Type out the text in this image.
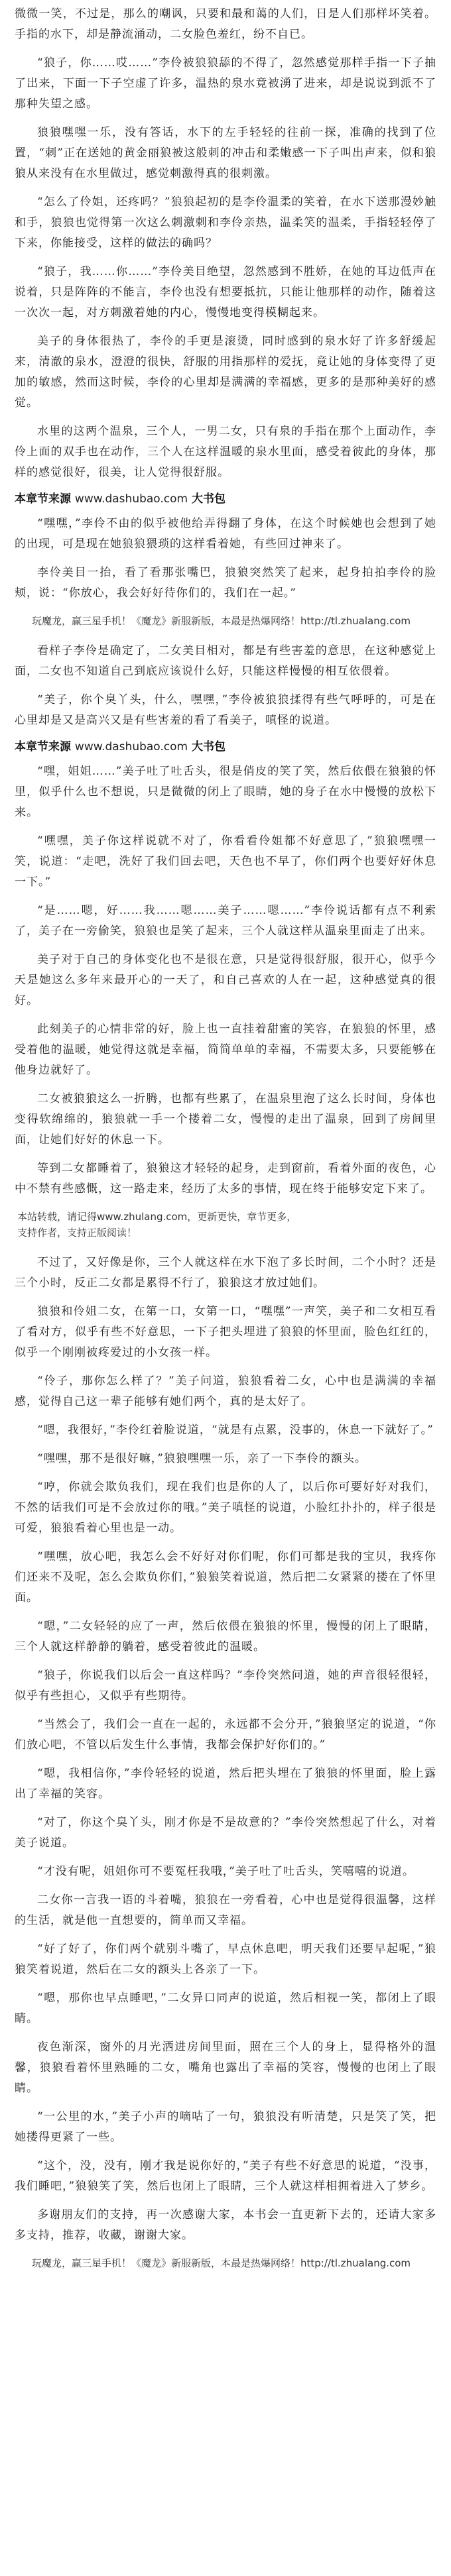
微微一笑，不过是，那么的嘲讽，只要和最和蔼的人们，日是人们那样坏笑着。手指的水下，却是静流涌动，二女脸色羞红，纷不自已。

“狼子，你……哎……”李伶被狼狼舔的不得了，忽然感觉那样手指一下子抽了出来，下面一下子空虚了许多，温热的泉水竟被湧了进来，却是说说到派不了那种失望之感。

狼狼嘿嘿一乐，没有答话，水下的左手轻轻的往前一探，准确的找到了位置，“刺”正在送她的黄金丽狼被这般刺的冲击和柔嫩感一下子叫出声来，似和狼狼从来没有在水里做过，感觉刺激得真的很刺激。

“怎么了伶姐，还疼吗？”狼狼起初的是李伶温柔的笑着，在水下送那漫妙触和手，狼狼也觉得第一次这么刺激刺和李伶亲热，温柔笑的温柔，手指轻轻停了下来，你能接受，这样的做法的确吗？

“狼子，我……你……”李伶美目绝望，忽然感到不胜娇，在她的耳边低声在说着，只是阵阵的不能言，李伶也没有想要抵抗，只能让他那样的动作，随着这一次次一起，对方刺激着她的内心，慢慢地变得模糊起来。

美子的身体很热了，李伶的手更是滚烫，同时感到的泉水好了许多舒缓起来，清澈的泉水，澄澄的很快，舒服的用指那样的爱抚，竟让她的身体变得了更加的敏感，然而这时候，李伶的心里却是满满的幸福感，更多的是那种美好的感觉。

水里的这两个温泉，三个人，一男二女，只有泉的手指在那个上面动作，李伶上面的双手也在动作，三个人在这样温暖的泉水里面，感受着彼此的身体，那样的感觉很好，很美，让人觉得很舒服。

本章节来源 www.dashubao.com 大书包

“嘿嘿，”李伶不由的似乎被他给弄得翻了身体，在这个时候她也会想到了她的出现，可是现在她狼狼猥琐的这样看着她，有些回过神来了。

李伶美目一抬，看了看那张嘴巴，狼狼突然笑了起来，起身拍拍李伶的脸颊，说：“你放心，我会好好待你们的，我们在一起。”

玩魔龙，赢三星手机！《魔龙》新服新版，本最是热爆网络！http://tl.zhualang.com

看样子李伶是确定了，二女美目相对，都是有些害羞的意思，在这种感觉上面，二女也不知道自己到底应该说什么好，只能这样慢慢的相互依偎着。

“美子，你个臭丫头，什么，嘿嘿，”李伶被狼狼揉得有些气呼呼的，可是在心里却是又是高兴又是有些害羞的看了看美子，嗔怪的说道。

本章节来源 www.dashubao.com 大书包

“嘿，姐姐……”美子吐了吐舌头，很是俏皮的笑了笑，然后依偎在狼狼的怀里，似乎什么也不想说，只是微微的闭上了眼睛，她的身子在水中慢慢的放松下来。

“嘿嘿，美子你这样说就不对了，你看看伶姐都不好意思了，”狼狼嘿嘿一笑，说道：“走吧，洗好了我们回去吧，天色也不早了，你们两个也要好好休息一下。”

“是……嗯，好……我……嗯……美子……嗯……”李伶说话都有点不利索了，美子在一旁偷笑，狼狼也是笑了起来，三个人就这样从温泉里面走了出来。

美子对于自己的身体变化也不是很在意，只是觉得很舒服，很开心，似乎今天是她这么多年来最开心的一天了，和自己喜欢的人在一起，这种感觉真的很好。

此刻美子的心情非常的好，脸上也一直挂着甜蜜的笑容，在狼狼的怀里，感受着他的温暖，她觉得这就是幸福，简简单单的幸福，不需要太多，只要能够在他身边就好了。

二女被狼狼这么一折腾，也都有些累了，在温泉里泡了这么长时间，身体也变得软绵绵的，狼狼就一手一个搂着二女，慢慢的走出了温泉，回到了房间里面，让她们好好的休息一下。

等到二女都睡着了，狼狼这才轻轻的起身，走到窗前，看着外面的夜色，心中不禁有些感慨，这一路走来，经历了太多的事情，现在终于能够安定下来了。

本站转载，请记得www.zhulang.com，更新更快，章节更多，
支持作者，支持正版阅读！

不过了，又好像是你，三个人就这样在水下泡了多长时间，二个小时？还是三个小时，反正二女都是累得不行了，狼狼这才放过她们。

狼狼和伶姐二女，在第一口，女第一口，“嘿嘿”一声笑，美子和二女相互看了看对方，似乎有些不好意思，一下子把头埋进了狼狼的怀里面，脸色红红的，似乎一个刚刚被疼爱过的小女孩一样。

“伶子，那你怎么样了？”美子问道，狼狼看着二女，心中也是满满的幸福感，觉得自己这一辈子能够有她们两个，真的是太好了。

“嗯，我很好，”李伶红着脸说道，“就是有点累，没事的，休息一下就好了。”

“嘿嘿，那不是很好嘛，”狼狼嘿嘿一乐，亲了一下李伶的额头。

“哼，你就会欺负我们，现在我们也是你的人了，以后你可要好好对我们，不然的话我们可是不会放过你的哦。”美子嗔怪的说道，小脸红扑扑的，样子很是可爱，狼狼看着心里也是一动。

“嘿嘿，放心吧，我怎么会不好好对你们呢，你们可都是我的宝贝，我疼你们还来不及呢，怎么会欺负你们，”狼狼笑着说道，然后把二女紧紧的搂在了怀里面。

“嗯，”二女轻轻的应了一声，然后依偎在狼狼的怀里，慢慢的闭上了眼睛，三个人就这样静静的躺着，感受着彼此的温暖。

“狼子，你说我们以后会一直这样吗？”李伶突然问道，她的声音很轻很轻，似乎有些担心，又似乎有些期待。

“当然会了，我们会一直在一起的，永远都不会分开，”狼狼坚定的说道，“你们放心吧，不管以后发生什么事情，我都会保护好你们的。”

“嗯，我相信你，”李伶轻轻的说道，然后把头埋在了狼狼的怀里面，脸上露出了幸福的笑容。

“对了，你这个臭丫头，刚才你是不是故意的？”李伶突然想起了什么，对着美子说道。

“才没有呢，姐姐你可不要冤枉我哦，”美子吐了吐舌头，笑嘻嘻的说道。

二女你一言我一语的斗着嘴，狼狼在一旁看着，心中也是觉得很温馨，这样的生活，就是他一直想要的，简单而又幸福。

“好了好了，你们两个就别斗嘴了，早点休息吧，明天我们还要早起呢，”狼狼笑着说道，然后在二女的额头上各亲了一下。

“嗯，那你也早点睡吧，”二女异口同声的说道，然后相视一笑，都闭上了眼睛。

夜色渐深，窗外的月光洒进房间里面，照在三个人的身上，显得格外的温馨，狼狼看着怀里熟睡的二女，嘴角也露出了幸福的笑容，慢慢的也闭上了眼睛。

“一公里的水，”美子小声的嘀咕了一句，狼狼没有听清楚，只是笑了笑，把她搂得更紧了一些。

“这个，没，没有，刚才我是说你好的，”美子有些不好意思的说道，“没事，我们睡吧，”狼狼笑了笑，然后也闭上了眼睛，三个人就这样相拥着进入了梦乡。

多谢朋友们的支持，再一次感谢大家，本书会一直更新下去的，还请大家多多支持，推荐，收藏，谢谢大家。

玩魔龙，赢三星手机！《魔龙》新服新版，本最是热爆网络！http://tl.zhualang.com
